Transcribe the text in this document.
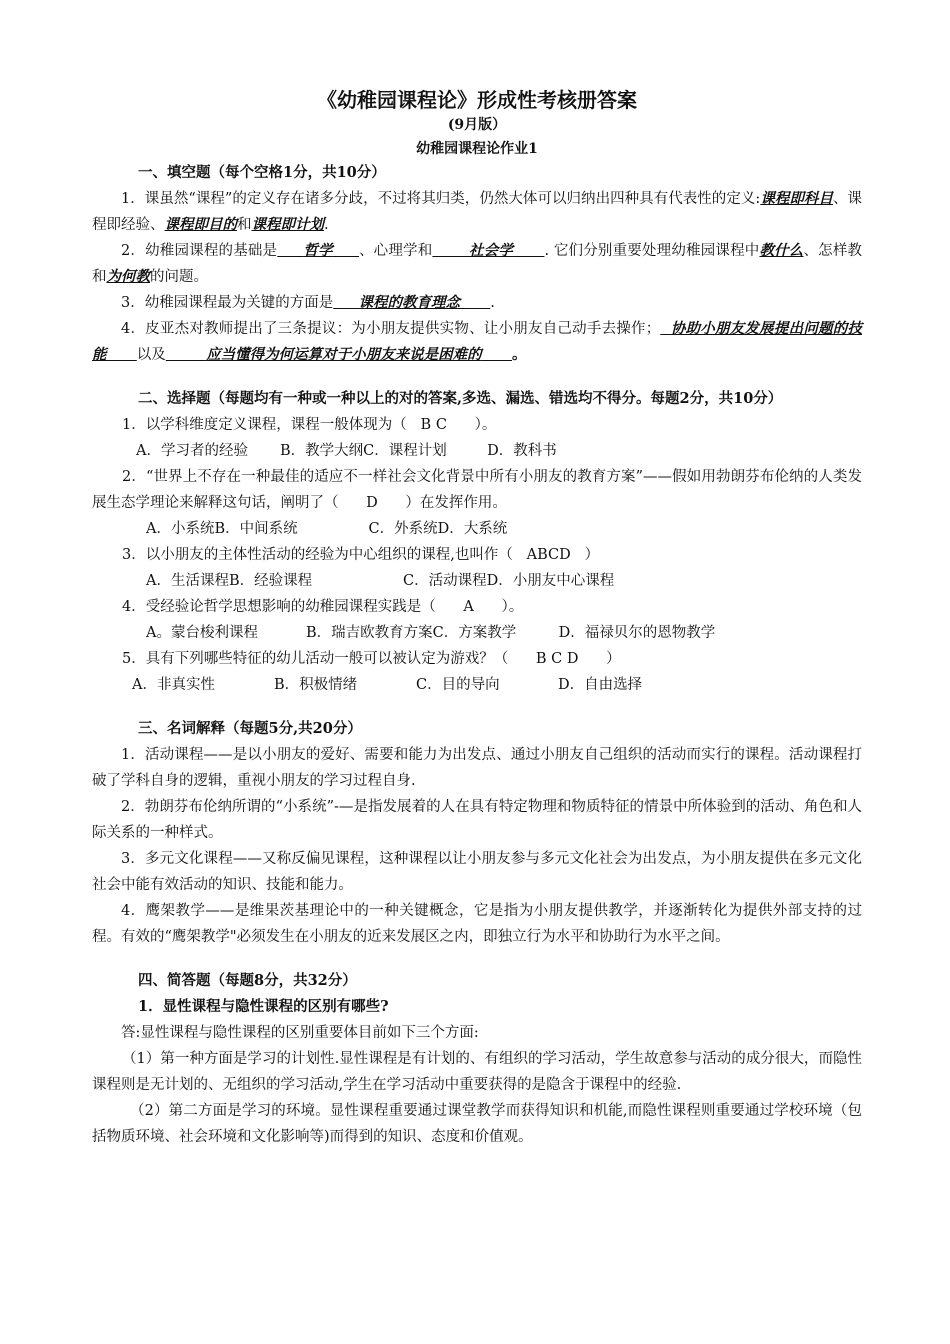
《幼稚园课程论》形成性考核册答案

(9月版）

幼稚园课程论作业1

一、填空题（每个空格1分，共10分）

1．课虽然“课程”的定义存在诸多分歧，不过将其归类，仍然大体可以归纳出四种具有代表性的定义:课程即科目、课程即经验、课程即目的和课程即计划.

2．幼稚园课程的基础是 哲学 、心理学和	社会学 . 它们分别重要处理幼稚园课程中教什么、怎样教和为何教的问题。

3．幼稚园课程最为关键的方面是 课程的教育理念 .

4．皮亚杰对教师提出了三条提议：为小朋友提供实物、让小朋友自己动手去操作； 协助小朋友发展提出问题的技能 以及	应当懂得为何运算对于小朋友来说是困难的 。

二、选择题（每题均有一种或一种以上的对的答案,多选、漏选、错选均不得分。每题2分，共10分）

1．以学科维度定义课程，课程一般体现为（   B C      ）。

A．学习者的经验 B．教学大纲C．课程计划	D．教科书

2．“世界上不存在一种最佳的适应不一样社会文化背景中所有小朋友的教育方案”——假如用勃朗芬布伦纳的人类发展生态学理论来解释这句话，阐明了（      D      ）在发挥作用。

A．小系统B．中间系统	C．外系统D．大系统

3．以小朋友的主体性活动的经验为中心组织的课程,也叫作（   ABCD   ）

A．生活课程B．经验课程	C．活动课程D．小朋友中心课程

4．受经验论哲学思想影响的幼稚园课程实践是（      A      ）。

A。蒙台梭利课程	B．瑞吉欧教育方案C．方案教学	D．福禄贝尔的恩物教学

5．具有下列哪些特征的幼儿活动一般可以被认定为游戏？（      B C D      ）

A．非真实性	B．积极情绪	C．目的导向	D．自由选择

三、名词解释（每题5分,共20分）

1．活动课程——是以小朋友的爱好、需要和能力为出发点、通过小朋友自己组织的活动而实行的课程。活动课程打破了学科自身的逻辑，重视小朋友的学习过程自身.

2．勃朗芬布伦纳所谓的“小系统”-—是指发展着的人在具有特定物理和物质特征的情景中所体验到的活动、角色和人际关系的一种样式。

3．多元文化课程——又称反偏见课程，这种课程以让小朋友参与多元文化社会为出发点，为小朋友提供在多元文化社会中能有效活动的知识、技能和能力。

4．鹰架教学——是维果茨基理论中的一种关键概念，它是指为小朋友提供教学，并逐渐转化为提供外部支持的过程。有效的“鹰架教学"必须发生在小朋友的近来发展区之内，即独立行为水平和协助行为水平之间。

四、简答题（每题8分，共32分）

1．显性课程与隐性课程的区别有哪些?

答:显性课程与隐性课程的区别重要体目前如下三个方面:

（1）第一种方面是学习的计划性.显性课程是有计划的、有组织的学习活动，学生故意参与活动的成分很大，而隐性课程则是无计划的、无组织的学习活动,学生在学习活动中重要获得的是隐含于课程中的经验.

（2）第二方面是学习的环境。显性课程重要通过课堂教学而获得知识和机能,而隐性课程则重要通过学校环境（包括物质环境、社会环境和文化影响等)而得到的知识、态度和价值观。
